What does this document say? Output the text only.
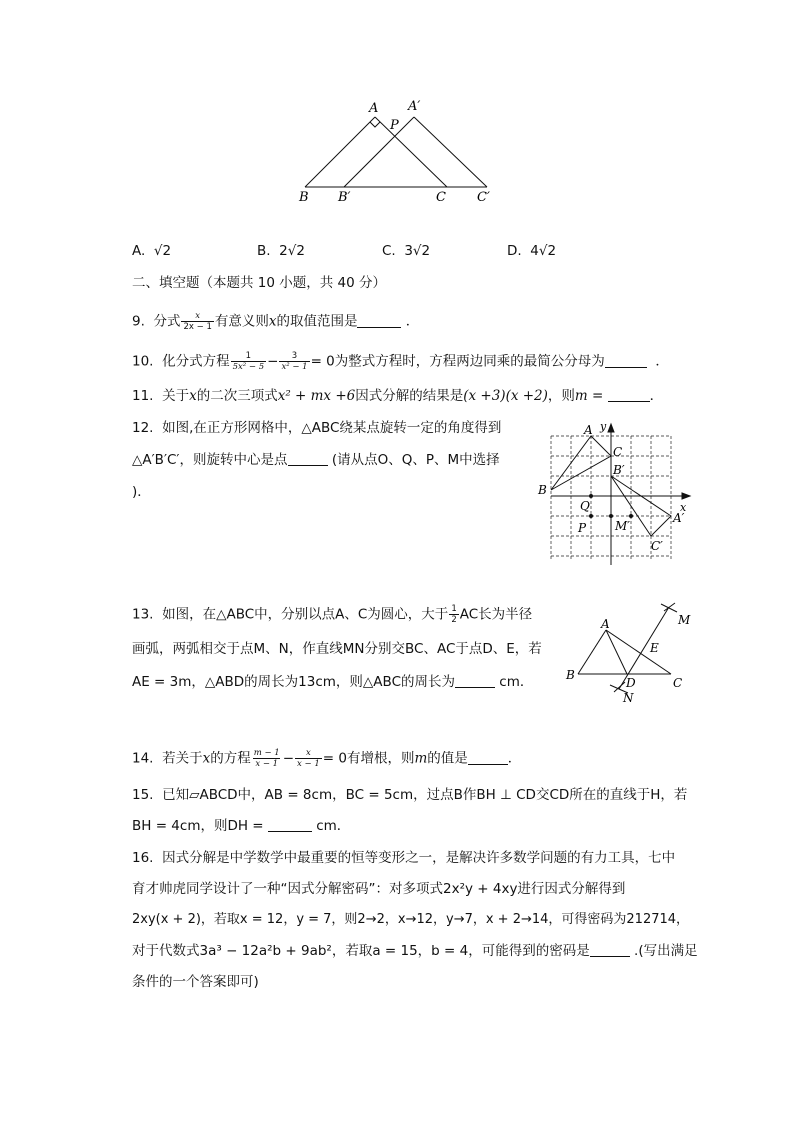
A
P
A′
B B′	C C′
A. √2	B. 2√2	C. 3√2	D. 4√2
二、填空题（本题共 10 小题，共 40 分）
9. 分式 $\frac{x}{2x - 1}$ 有意义则x的取值范围是	．
10. 化分式方程 $\frac{1}{\text{5x² − 5}} - \frac{3}{\text{x² − 1}} = 0$为整式方程时，方程两边同乘的最简公分母为	．
11. 关于x的二次三项式x² + mx +6因式分解的结果是(x +3)(x +2)，则m =	．
12. 如图,在正方形网格中，△ABC绕某点旋转一定的角度得到
△A′B′C′，则旋转中心是点	(请从点O、Q、P、M中选择
)．
y
x
A
C
B′
B
Q
P M′
A′
C′
13. 如图，在△ABC中，分别以点A、C为圆心，大于 $\frac{1}{2}$ AC长为半径
画弧，两弧相交于点M、N，作直线MN分别交BC、AC于点D、E，若
AE = 3m，△ABD的周长为13cm，则△ABC的周长为	cm．
A
B
C
D
E
M
N
14. 若关于x的方程 $\frac{m - 1}{x - 1} - \frac{x}{x - 1} = 0$有增根，则m的值是	．
15. 已知▱ABCD中，AB = 8cm，BC = 5cm，过点B作BH ⊥ CD交CD所在的直线于H，若
BH = 4cm，则DH =	cm．
16. 因式分解是中学数学中最重要的恒等变形之一，是解决许多数学问题的有力工具，七中
育才帅虎同学设计了一种“因式分解密码”：对多项式2x²y + 4xy进行因式分解得到
2xy(x + 2)，若取x = 12，y = 7，则2→2，x→12，y→7，x + 2→14，可得密码为212714，
对于代数式3a³ − 12a²b + 9ab²，若取a = 15，b = 4，可能得到的密码是	.(写出满足
条件的一个答案即可)
